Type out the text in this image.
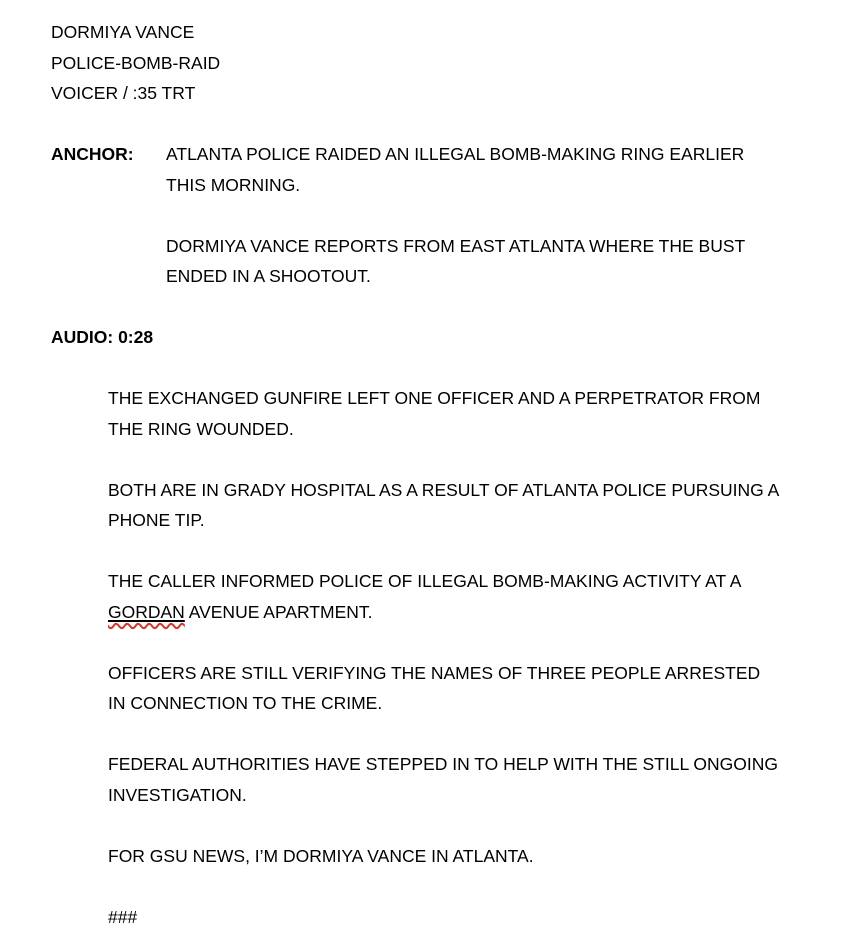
DORMIYA VANCE
POLICE-BOMB-RAID
VOICER / :35 TRT
ANCHOR:	ATLANTA POLICE RAIDED AN ILLEGAL BOMB-MAKING RING EARLIER THIS MORNING.
DORMIYA VANCE REPORTS FROM EAST ATLANTA WHERE THE BUST ENDED IN A SHOOTOUT.
AUDIO: 0:28
THE EXCHANGED GUNFIRE LEFT ONE OFFICER AND A PERPETRATOR FROM THE RING WOUNDED.
BOTH ARE IN GRADY HOSPITAL AS A RESULT OF ATLANTA POLICE PURSUING A PHONE TIP.
THE CALLER INFORMED POLICE OF ILLEGAL BOMB-MAKING ACTIVITY AT A GORDAN AVENUE APARTMENT.
OFFICERS ARE STILL VERIFYING THE NAMES OF THREE PEOPLE ARRESTED IN CONNECTION TO THE CRIME.
FEDERAL AUTHORITIES HAVE STEPPED IN TO HELP WITH THE STILL ONGOING INVESTIGATION.
FOR GSU NEWS, I’M DORMIYA VANCE IN ATLANTA.
###
